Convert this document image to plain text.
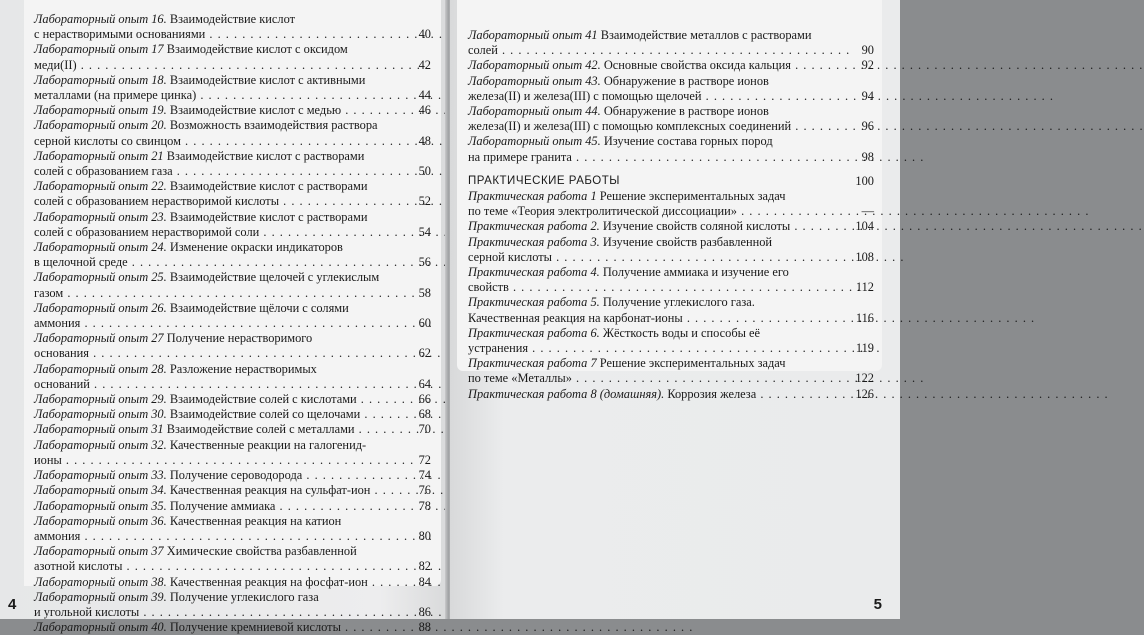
Лабораторный опыт 16. Взаимодействие кислот
с нерастворимыми основаниями . .	40
Лабораторный опыт 17 Взаимодействие кислот с оксидом
меди(II) . .	42
Лабораторный опыт 18. Взаимодействие кислот с активными
металлами (на примере цинка) . .	44
Лабораторный опыт 19. Взаимодействие кислот с медью . .	46
Лабораторный опыт 20. Возможность взаимодействия раствора
серной кислоты со свинцом . .	48
Лабораторный опыт 21 Взаимодействие кислот с растворами
солей с образованием газа . .	50
Лабораторный опыт 22. Взаимодействие кислот с растворами
солей с образованием нерастворимой кислоты . .	52
Лабораторный опыт 23. Взаимодействие кислот с растворами
солей с образованием нерастворимой соли . .	54
Лабораторный опыт 24. Изменение окраски индикаторов
в щелочной среде . .	56
Лабораторный опыт 25. Взаимодействие щелочей с углекислым
газом . .	58
Лабораторный опыт 26. Взаимодействие щёлочи с солями
аммония . .	60
Лабораторный опыт 27 Получение нерастворимого
основания . .	62
Лабораторный опыт 28. Разложение нерастворимых
оснований . .	64
Лабораторный опыт 29. Взаимодействие солей с кислотами . .	66
Лабораторный опыт 30. Взаимодействие солей со щелочами . .	68
Лабораторный опыт 31 Взаимодействие солей с металлами . .	70
Лабораторный опыт 32. Качественные реакции на галогенид-
ионы . .	72
Лабораторный опыт 33. Получение сероводорода . .	74
Лабораторный опыт 34. Качественная реакция на сульфат-ион . .	76
Лабораторный опыт 35. Получение аммиака . .	78
Лабораторный опыт 36. Качественная реакция на катион
аммония . .	80
Лабораторный опыт 37 Химические свойства разбавленной
азотной кислоты . .	82
Лабораторный опыт 38. Качественная реакция на фосфат-ион . .	84
Лабораторный опыт 39. Получение углекислого газа
и угольной кислоты . .	86
Лабораторный опыт 40. Получение кремниевой кислоты . .	88
4
Лабораторный опыт 41 Взаимодействие металлов с растворами
солей . .	90
Лабораторный опыт 42. Основные свойства оксида кальция . .	92
Лабораторный опыт 43. Обнаружение в растворе ионов
железа(II) и железа(III) с помощью щелочей . .	94
Лабораторный опыт 44. Обнаружение в растворе ионов
железа(II) и железа(III) с помощью комплексных соединений . .	96
Лабораторный опыт 45. Изучение состава горных пород
на примере гранита . .	98
ПРАКТИЧЕСКИЕ РАБОТЫ	100
Практическая работа 1 Решение экспериментальных задач
по теме «Теория электролитической диссоциации» . .	—
Практическая работа 2. Изучение свойств соляной кислоты . .	104
Практическая работа 3. Изучение свойств разбавленной
серной кислоты . .	108
Практическая работа 4. Получение аммиака и изучение его
свойств . .	112
Практическая работа 5. Получение углекислого газа.
Качественная реакция на карбонат-ионы . .	116
Практическая работа 6. Жёсткость воды и способы её
устранения . .	119
Практическая работа 7 Решение экспериментальных задач
по теме «Металлы» . .	122
Практическая работа 8 (домашняя). Коррозия железа . .	126
5
